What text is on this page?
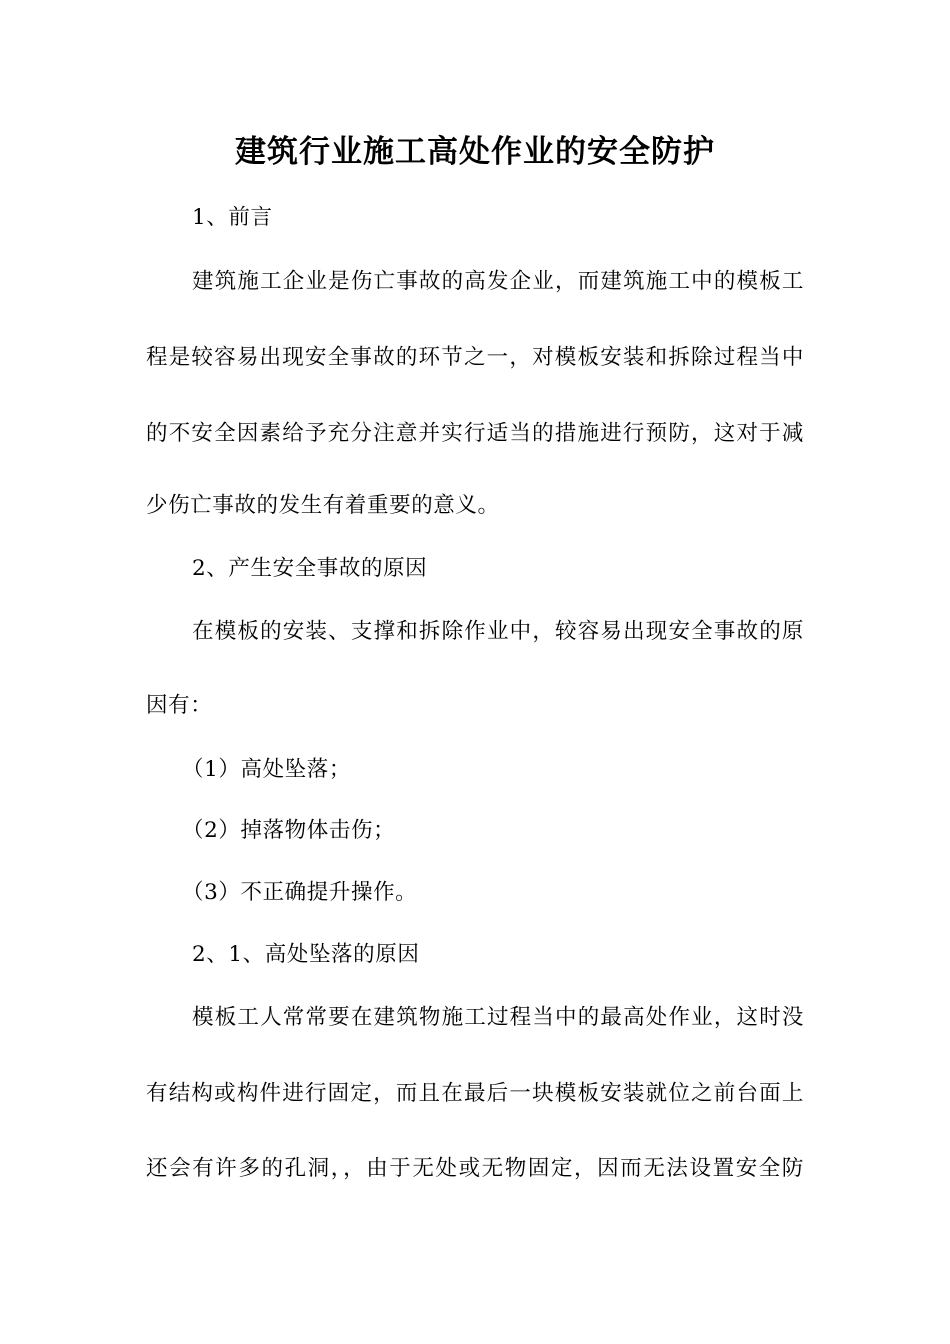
建筑行业施工高处作业的安全防护
1、前言
建筑施工企业是伤亡事故的高发企业，而建筑施工中的模板工
程是较容易出现安全事故的环节之一，对模板安装和拆除过程当中
的不安全因素给予充分注意并实行适当的措施进行预防，这对于减
少伤亡事故的发生有着重要的意义。
2、产生安全事故的原因
在模板的安装、支撑和拆除作业中，较容易出现安全事故的原
因有：
（1）高处坠落；
（2）掉落物体击伤；
（3）不正确提升操作。
2、1、高处坠落的原因
模板工人常常要在建筑物施工过程当中的最高处作业，这时没
有结构或构件进行固定，而且在最后一块模板安装就位之前台面上
还会有许多的孔洞，，由于无处或无物固定，因而无法设置安全防
